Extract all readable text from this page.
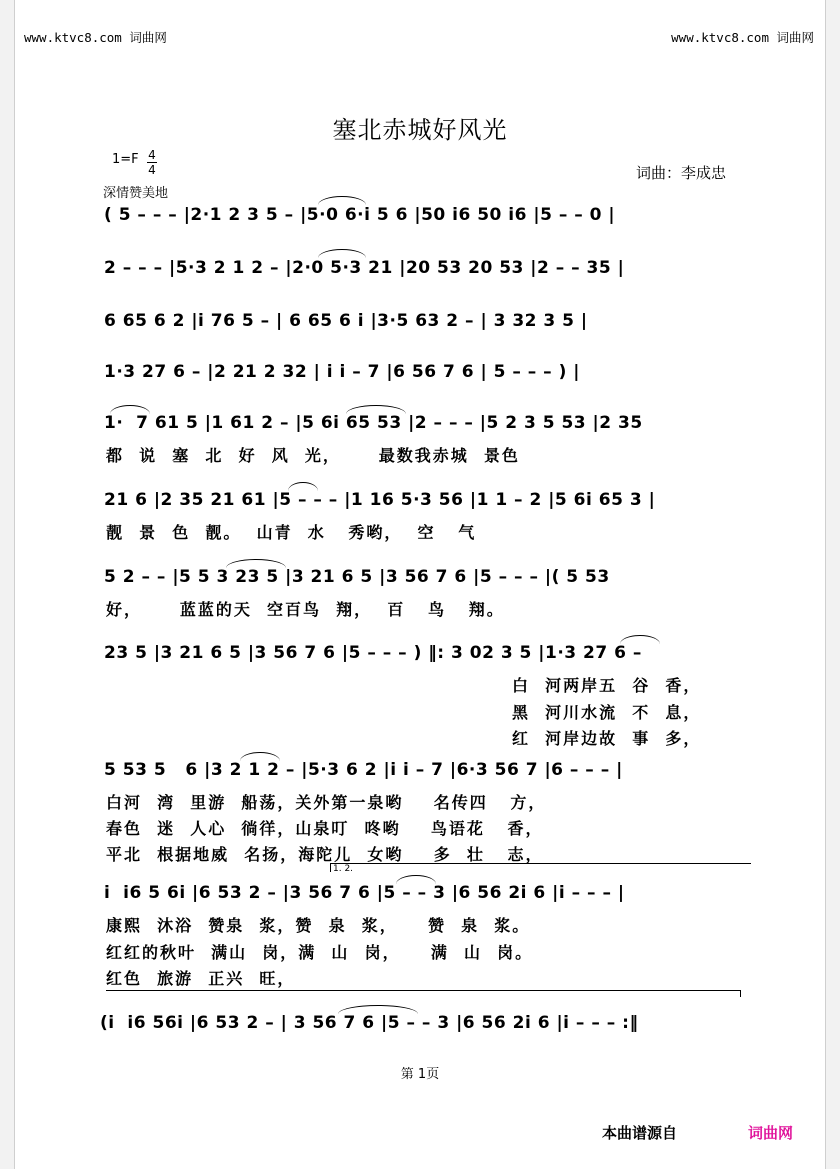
www.ktvc8.com 词曲网	www.ktvc8.com 词曲网
塞北赤城好风光
1=F 4
4
深情赞美地
词曲：李成忠
( 5 – – – |2·1 2 3 5 – |5·0 6·i 5 6 |50 i6 50 i6 |5 – – 0 |
2 – – – |5·3 2 1 2 – |2·0 5·3 21 |20 53 20 53 |2 – – 35 |
6 65 6 2 |i 76 5 – | 6 65 6 i |3·5 63 2 – | 3 32 3 5 |
1·3 27 6 – |2 21 2 32 | i i – 7 |6 56 7 6 | 5 – – – ) |
1·  7 61 5 |1 61 2 – |5 6i 65 53 |2 – – – |5 2 3 5 53 |2 35
都  说  塞  北  好  风  光，     最数我赤城  景色
21 6 |2 35 21 61 |5 – – – |1 16 5·3 56 |1 1 – 2 |5 6i 65 3 |
靓  景  色  靓。  山青  水   秀哟，  空   气
5 2 – – |5 5 3 23 5 |3 21 6 5 |3 56 7 6 |5 – – – |( 5 53
好，     蓝蓝的天  空百鸟  翔，  百   鸟   翔。
23 5 |3 21 6 5 |3 56 7 6 |5 – – – ) ‖: 3 02 3 5 |1·3 27 6 –
白  河两岸五  谷  香，
黑  河川水流  不  息，
红  河岸边故  事  多，
5 53 5   6 |3 2 1 2 – |5·3 6 2 |i i – 7 |6·3 56 7 |6 – – – |
白河  湾  里游  船荡，关外第一泉哟    名传四   方，
春色  迷  人心  徜徉，山泉叮  咚哟    鸟语花   香，
平北  根据地威  名扬，海陀儿  女哟    多  壮   志，
1. 2.
i  i6 5 6i |6 53 2 – |3 56 7 6 |5 – – 3 |6 56 2i 6 |i – – – |
康熙  沐浴  赞泉  浆，赞  泉  浆，    赞  泉  浆。
红红的秋叶  满山  岗，满  山  岗，    满  山  岗。
红色  旅游  正兴  旺，
(i  i6 56i |6 53 2 – | 3 56 7 6 |5 – – 3 |6 56 2i 6 |i – – – :‖
第 1页
本曲谱源自	词曲网
